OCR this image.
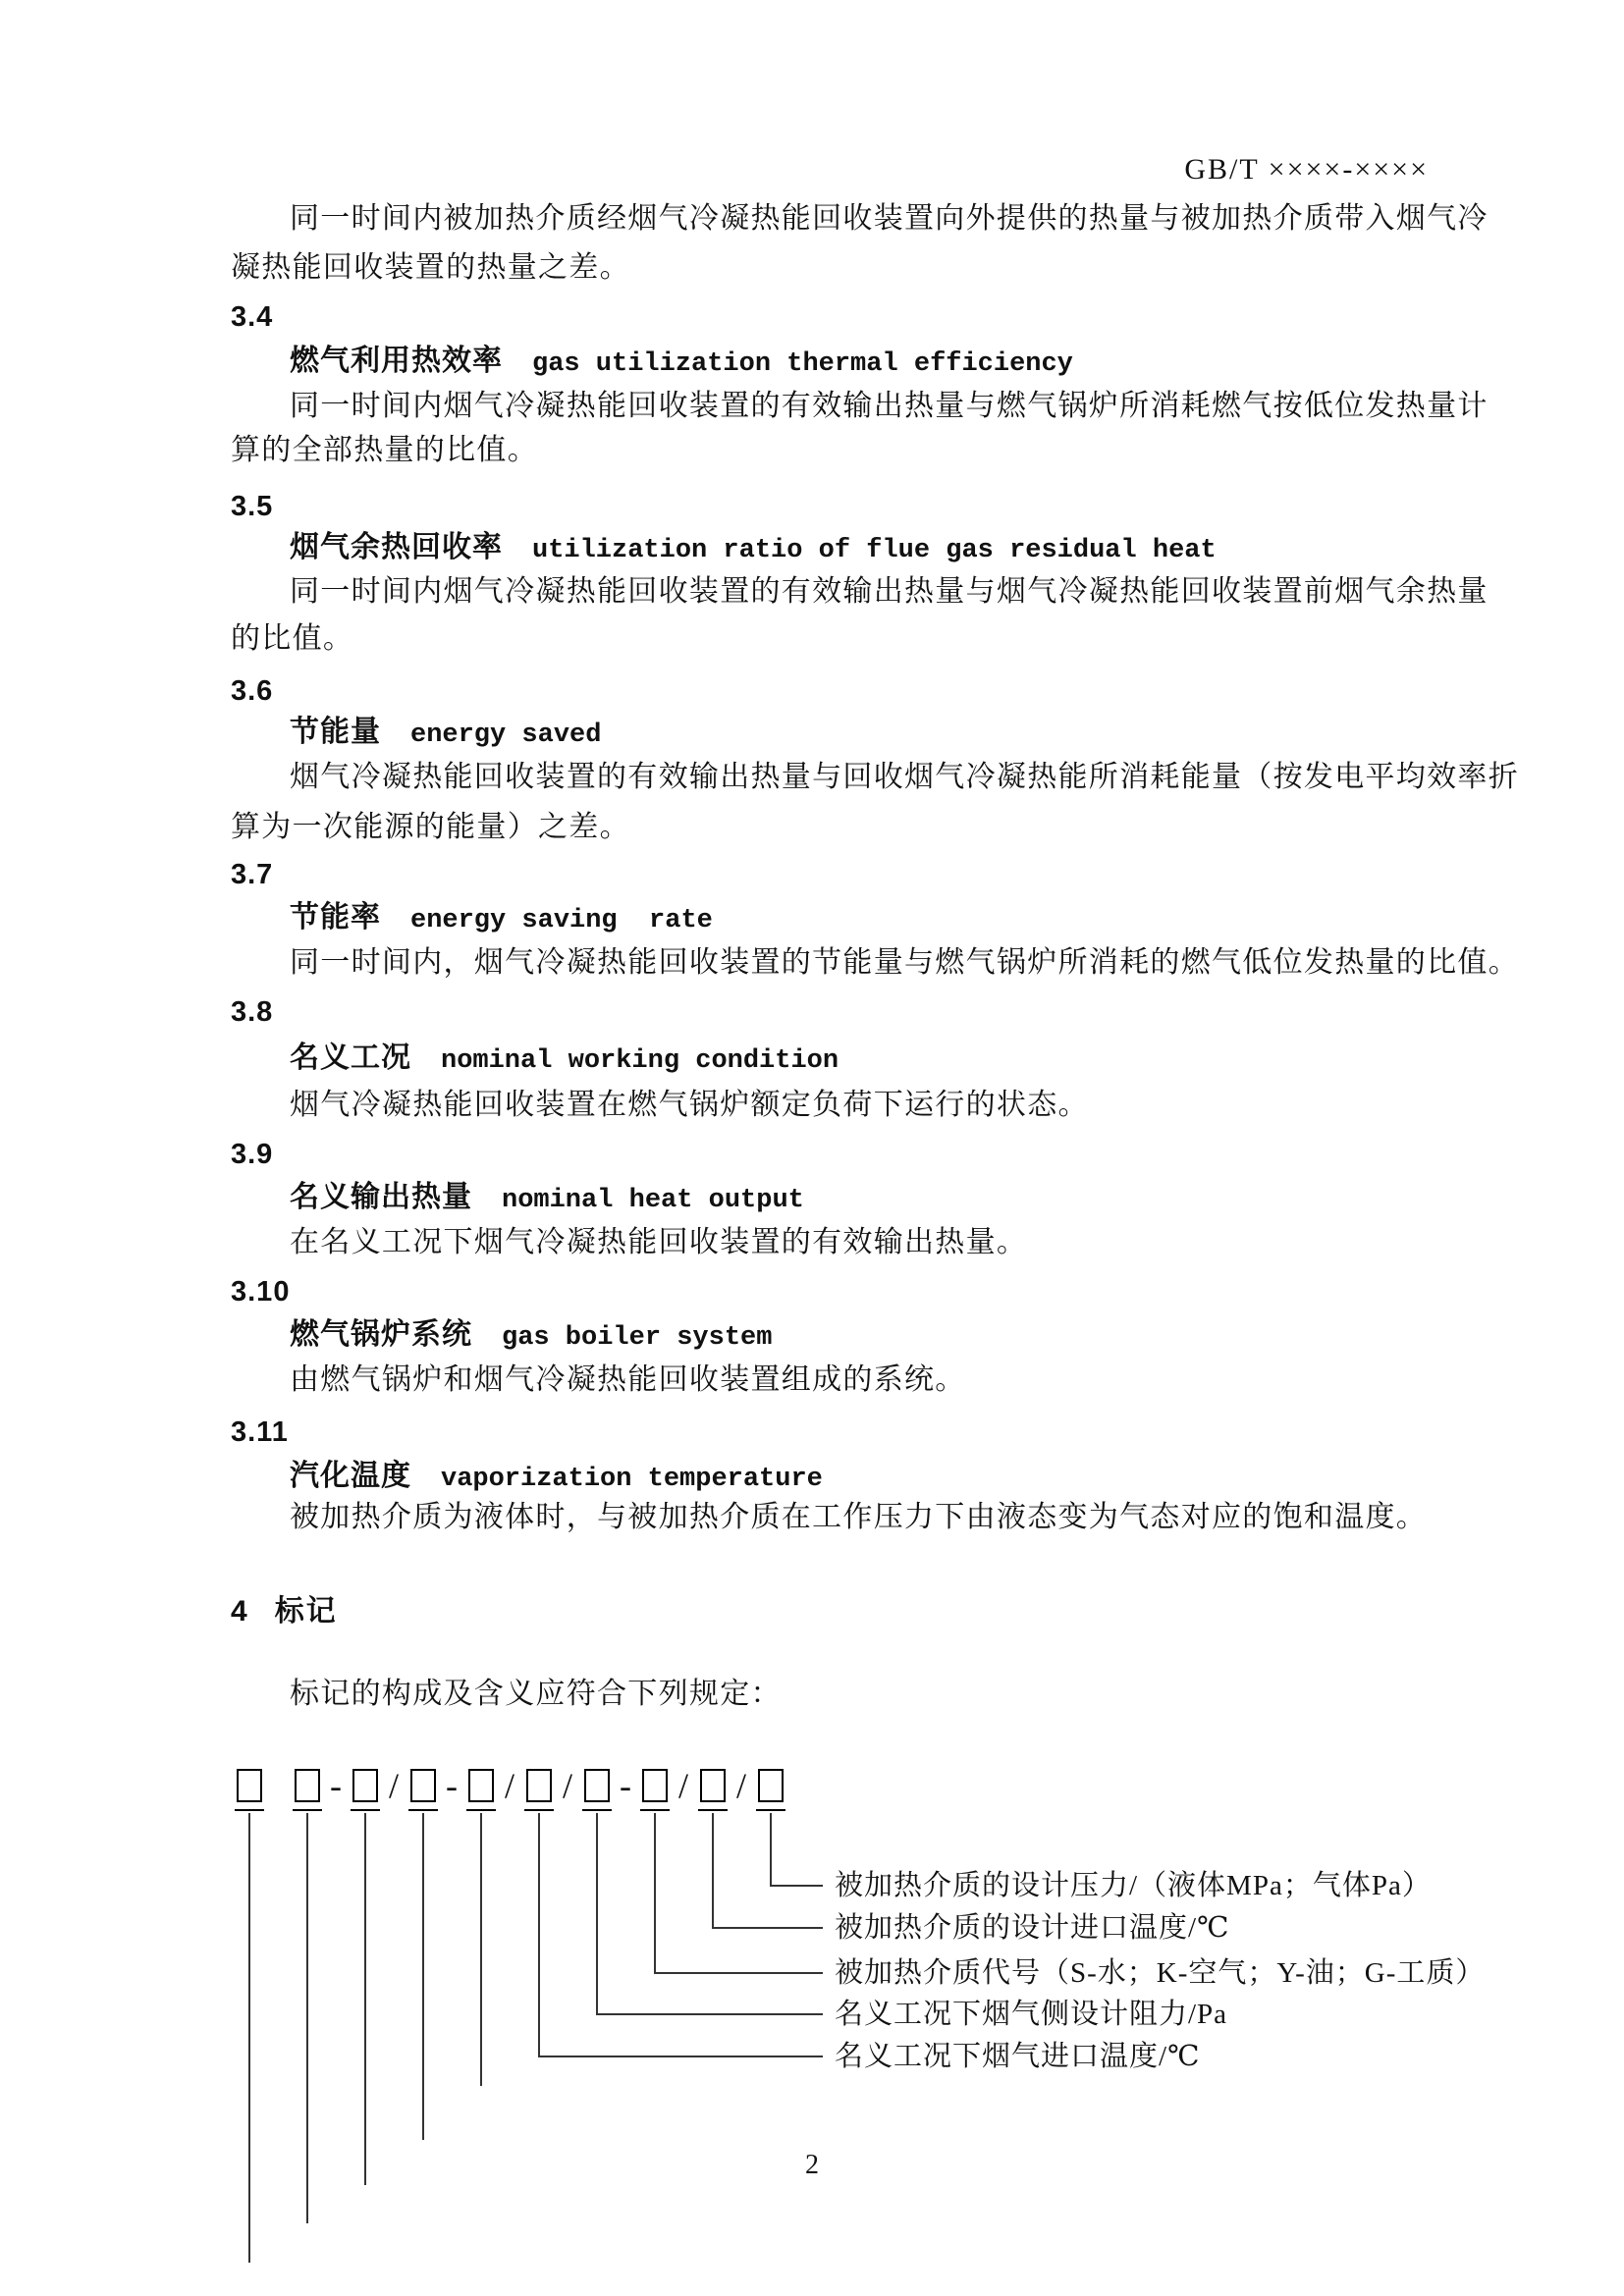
GB/T ××××-××××
同一时间内被加热介质经烟气冷凝热能回收装置向外提供的热量与被加热介质带入烟气冷
凝热能回收装置的热量之差。
3.4
燃气利用热效率 gas utilization thermal efficiency
同一时间内烟气冷凝热能回收装置的有效输出热量与燃气锅炉所消耗燃气按低位发热量计
算的全部热量的比值。
3.5
烟气余热回收率 utilization ratio of flue gas residual heat
同一时间内烟气冷凝热能回收装置的有效输出热量与烟气冷凝热能回收装置前烟气余热量
的比值。
3.6
节能量 energy saved
烟气冷凝热能回收装置的有效输出热量与回收烟气冷凝热能所消耗能量（按发电平均效率折
算为一次能源的能量）之差。
3.7
节能率 energy saving  rate
同一时间内，烟气冷凝热能回收装置的节能量与燃气锅炉所消耗的燃气低位发热量的比值。
3.8
名义工况 nominal working condition
烟气冷凝热能回收装置在燃气锅炉额定负荷下运行的状态。
3.9
名义输出热量 nominal heat output
在名义工况下烟气冷凝热能回收装置的有效输出热量。
3.10
燃气锅炉系统 gas boiler system
由燃气锅炉和烟气冷凝热能回收装置组成的系统。
3.11
汽化温度 vaporization temperature
被加热介质为液体时，与被加热介质在工作压力下由液态变为气态对应的饱和温度。
4 标记
标记的构成及含义应符合下列规定：
- / - / / - / /
被加热介质的设计压力/（液体MPa；气体Pa）
被加热介质的设计进口温度/℃
被加热介质代号（S-水；K-空气；Y-油；G-工质）
名义工况下烟气侧设计阻力/Pa
名义工况下烟气进口温度/℃
2
